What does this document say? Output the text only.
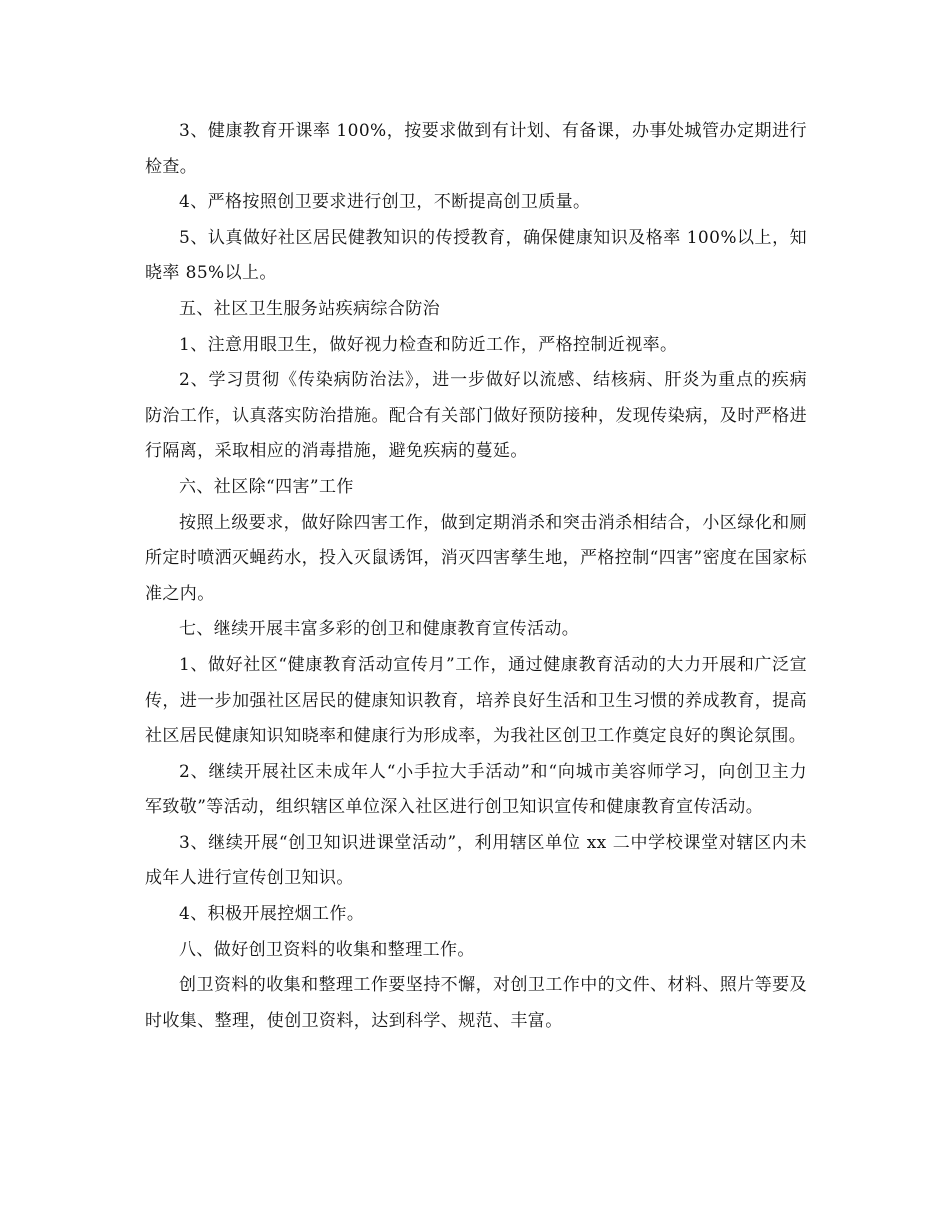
3、健康教育开课率 100%，按要求做到有计划、有备课，办事处城管办定期进行检查。

4、严格按照创卫要求进行创卫，不断提高创卫质量。

5、认真做好社区居民健教知识的传授教育，确保健康知识及格率 100%以上，知晓率 85%以上。

五、社区卫生服务站疾病综合防治

1、注意用眼卫生，做好视力检查和防近工作，严格控制近视率。

2、学习贯彻《传染病防治法》，进一步做好以流感、结核病、肝炎为重点的疾病防治工作，认真落实防治措施。配合有关部门做好预防接种，发现传染病，及时严格进行隔离，采取相应的消毒措施，避免疾病的蔓延。

六、社区除“四害”工作

按照上级要求，做好除四害工作，做到定期消杀和突击消杀相结合，小区绿化和厕所定时喷洒灭蝇药水，投入灭鼠诱饵，消灭四害孳生地，严格控制“四害”密度在国家标准之内。

七、继续开展丰富多彩的创卫和健康教育宣传活动。

1、做好社区“健康教育活动宣传月”工作，通过健康教育活动的大力开展和广泛宣传，进一步加强社区居民的健康知识教育，培养良好生活和卫生习惯的养成教育，提高社区居民健康知识知晓率和健康行为形成率，为我社区创卫工作奠定良好的舆论氛围。

2、继续开展社区未成年人“小手拉大手活动”和“向城市美容师学习，向创卫主力军致敬”等活动，组织辖区单位深入社区进行创卫知识宣传和健康教育宣传活动。

3、继续开展“创卫知识进课堂活动”，利用辖区单位 xx 二中学校课堂对辖区内未成年人进行宣传创卫知识。

4、积极开展控烟工作。

八、做好创卫资料的收集和整理工作。

创卫资料的收集和整理工作要坚持不懈，对创卫工作中的文件、材料、照片等要及时收集、整理，使创卫资料，达到科学、规范、丰富。
